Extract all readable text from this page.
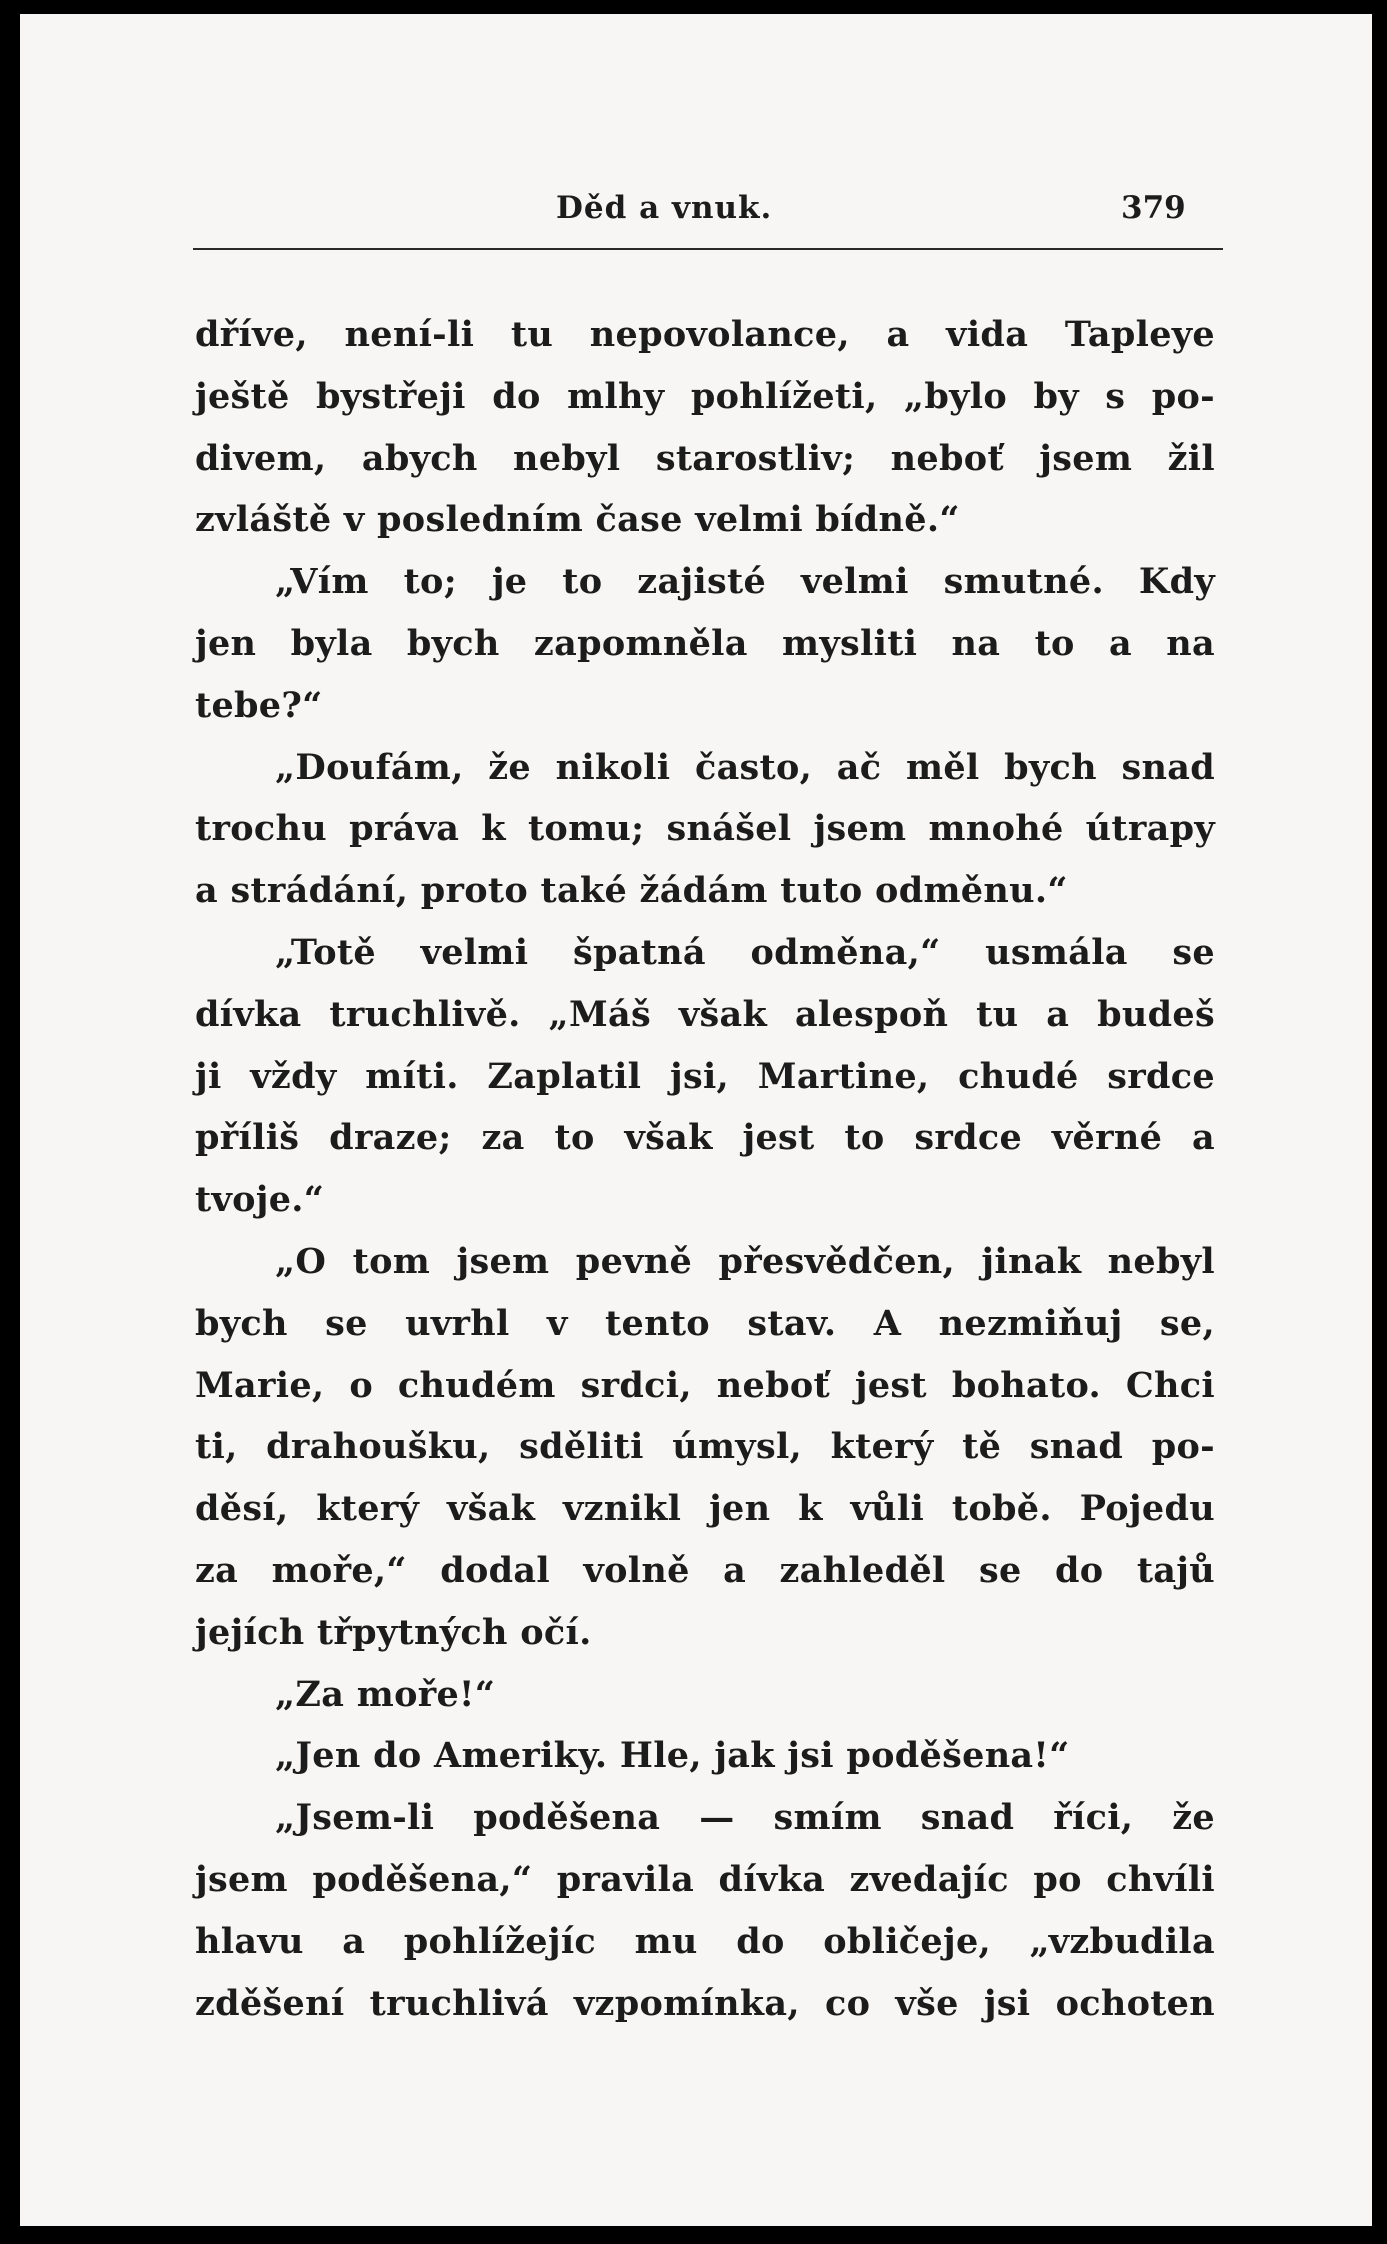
Děd a vnuk.	379
dříve, není-li tu nepovolance, a vida Tapleye
ještě bystřeji do mlhy pohlížeti, „bylo by s po-
divem, abych nebyl starostliv; neboť jsem žil
zvláště v posledním čase velmi bídně.“
„Vím to; je to zajisté velmi smutné. Kdy
jen byla bych zapomněla mysliti na to a na
tebe?“
„Doufám, že nikoli často, ač měl bych snad
trochu práva k tomu; snášel jsem mnohé útrapy
a strádání, proto také žádám tuto odměnu.“
„Totě velmi špatná odměna,“ usmála se
dívka truchlivě. „Máš však alespoň tu a budeš
ji vždy míti. Zaplatil jsi, Martine, chudé srdce
příliš draze; za to však jest to srdce věrné a
tvoje.“
„O tom jsem pevně přesvědčen, jinak nebyl
bych se uvrhl v tento stav. A nezmiňuj se,
Marie, o chudém srdci, neboť jest bohato. Chci
ti, drahoušku, sděliti úmysl, který tě snad po-
děsí, který však vznikl jen k vůli tobě. Pojedu
za moře,“ dodal volně a zahleděl se do tajů
jejích třpytných očí.
„Za moře!“
„Jen do Ameriky. Hle, jak jsi poděšena!“
„Jsem-li poděšena — smím snad říci, že
jsem poděšena,“ pravila dívka zvedajíc po chvíli
hlavu a pohlížejíc mu do obličeje, „vzbudila
zděšení truchlivá vzpomínka, co vše jsi ochoten
